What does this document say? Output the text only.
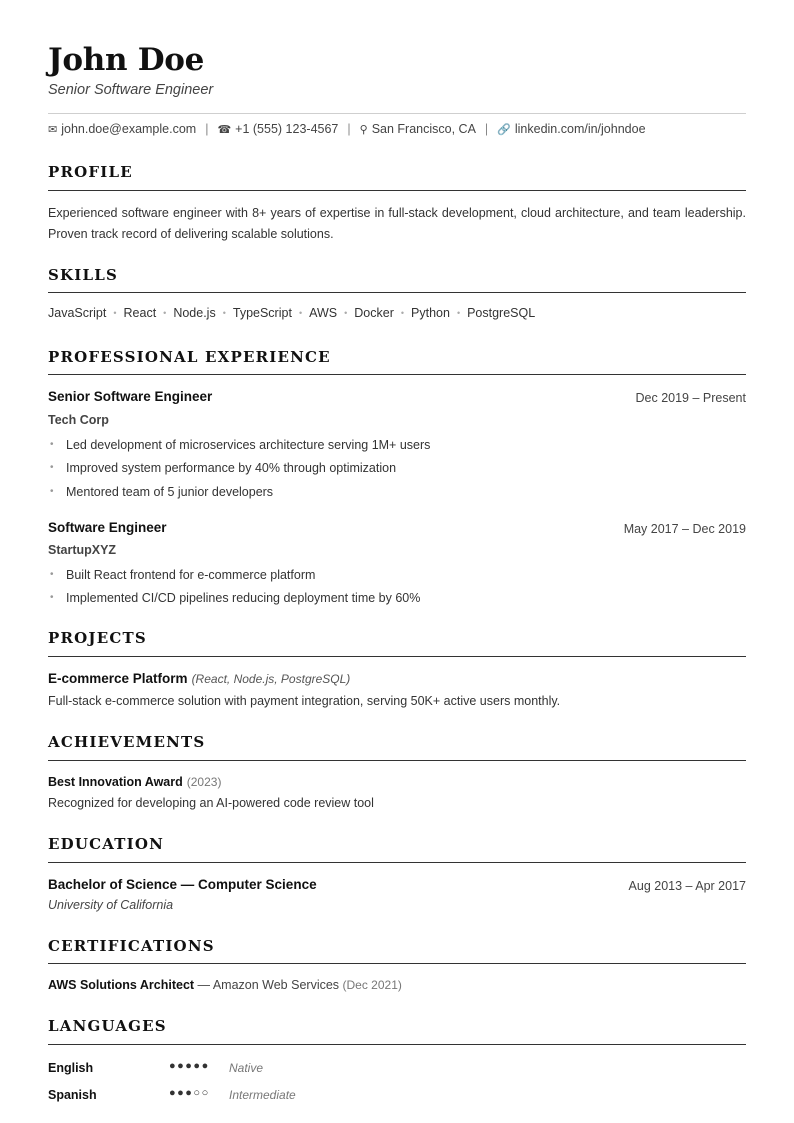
John Doe
Senior Software Engineer
✉ john.doe@example.com | ☎ +1 (555) 123-4567 | ⚲ San Francisco, CA | 🔗 linkedin.com/in/johndoe
PROFILE
Experienced software engineer with 8+ years of expertise in full-stack development, cloud architecture, and team leadership. Proven track record of delivering scalable solutions.
SKILLS
JavaScript • React • Node.js • TypeScript • AWS • Docker • Python • PostgreSQL
PROFESSIONAL EXPERIENCE
Senior Software Engineer	Dec 2019 – Present
Tech Corp
• Led development of microservices architecture serving 1M+ users
• Improved system performance by 40% through optimization
• Mentored team of 5 junior developers
Software Engineer	May 2017 – Dec 2019
StartupXYZ
• Built React frontend for e-commerce platform
• Implemented CI/CD pipelines reducing deployment time by 60%
PROJECTS
E-commerce Platform (React, Node.js, PostgreSQL)
Full-stack e-commerce solution with payment integration, serving 50K+ active users monthly.
ACHIEVEMENTS
Best Innovation Award (2023)
Recognized for developing an AI-powered code review tool
EDUCATION
Bachelor of Science — Computer Science	Aug 2013 – Apr 2017
University of California
CERTIFICATIONS
AWS Solutions Architect — Amazon Web Services (Dec 2021)
LANGUAGES
English	●●●●● Native
Spanish	●●●○○ Intermediate
